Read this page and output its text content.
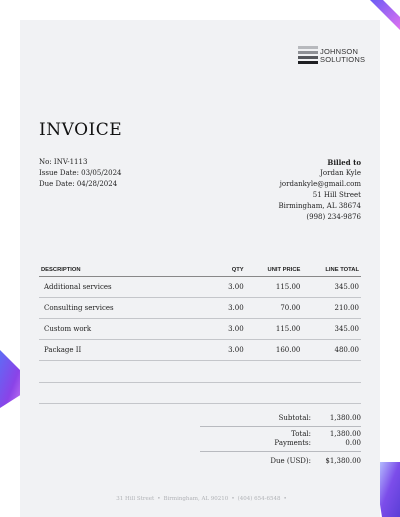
JOHNSON
SOLUTIONS
INVOICE
No: INV-1113
Issue Date: 03/05/2024
Due Date: 04/28/2024
Billed to
Jordan Kyle
jordankyle@gmail.com
51 Hill Street
Birmingham, AL 38674
(998) 234-9876
DESCRIPTION	QTY	UNIT PRICE	LINE TOTAL
Additional services	3.00	115.00	345.00
Consulting services	3.00	70.00	210.00
Custom work	3.00	115.00	345.00
Package II	3.00	160.00	480.00
Subtotal:	1,380.00
Total:	1,380.00
Payments:	0.00
Due (USD): $1,380.00
31 Hill Street • Birmingham, AL 90210 • (404) 654-6548 •
